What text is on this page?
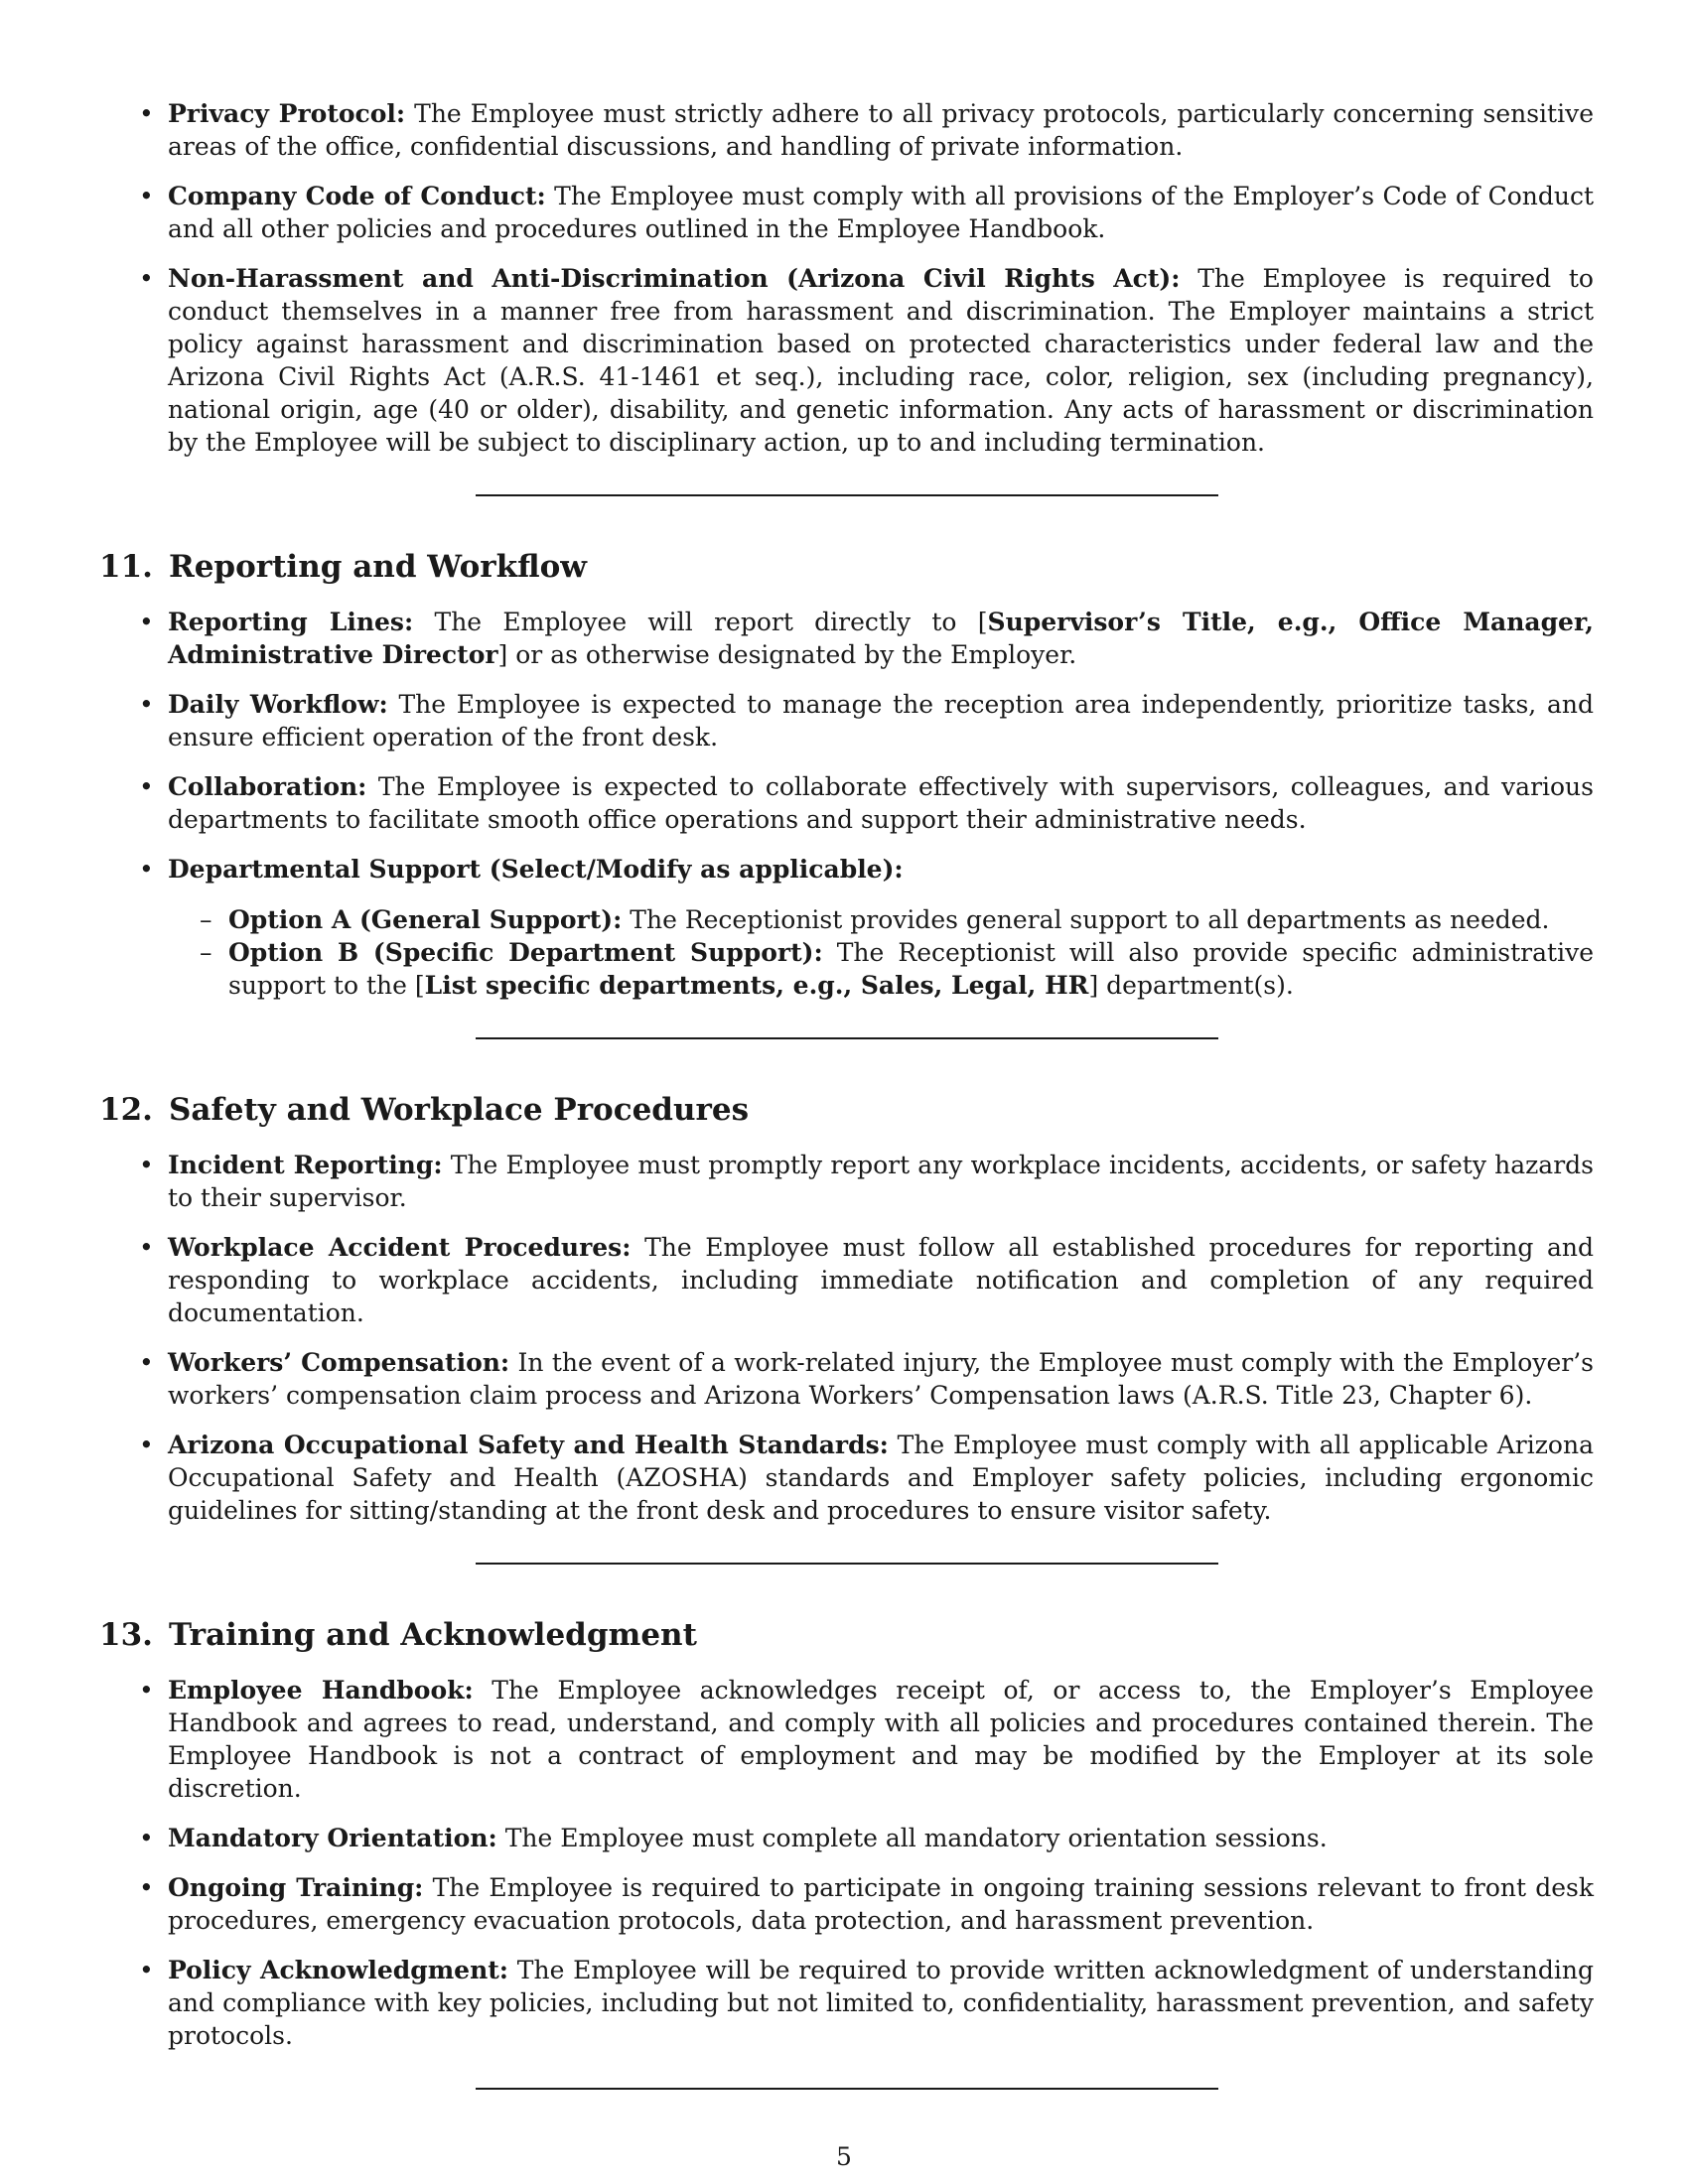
• Privacy Protocol: The Employee must strictly adhere to all privacy protocols, particularly concerning sensitive areas of the office, confidential discussions, and handling of private information.
• Company Code of Conduct: The Employee must comply with all provisions of the Employer’s Code of Conduct and all other policies and procedures outlined in the Employee Handbook.
• Non-Harassment and Anti-Discrimination (Arizona Civil Rights Act): The Employee is required to conduct themselves in a manner free from harassment and discrimination. The Employer maintains a strict policy against harassment and discrimination based on protected characteristics under federal law and the Arizona Civil Rights Act (A.R.S. 41-1461 et seq.), including race, color, religion, sex (including pregnancy), national origin, age (40 or older), disability, and genetic information. Any acts of harassment or discrimination by the Employee will be subject to disciplinary action, up to and including termination.
11. Reporting and Workflow
• Reporting Lines: The Employee will report directly to [Supervisor’s Title, e.g., Office Manager, Administrative Director] or as otherwise designated by the Employer.
• Daily Workflow: The Employee is expected to manage the reception area independently, prioritize tasks, and ensure efficient operation of the front desk.
• Collaboration: The Employee is expected to collaborate effectively with supervisors, colleagues, and various departments to facilitate smooth office operations and support their administrative needs.
• Departmental Support (Select/Modify as applicable):
– Option A (General Support): The Receptionist provides general support to all departments as needed.
– Option B (Specific Department Support): The Receptionist will also provide specific administrative support to the [List specific departments, e.g., Sales, Legal, HR] department(s).
12. Safety and Workplace Procedures
• Incident Reporting: The Employee must promptly report any workplace incidents, accidents, or safety hazards to their supervisor.
• Workplace Accident Procedures: The Employee must follow all established procedures for reporting and responding to workplace accidents, including immediate notification and completion of any required documentation.
• Workers’ Compensation: In the event of a work-related injury, the Employee must comply with the Employer’s workers’ compensation claim process and Arizona Workers’ Compensation laws (A.R.S. Title 23, Chapter 6).
• Arizona Occupational Safety and Health Standards: The Employee must comply with all applicable Arizona Occupational Safety and Health (AZOSHA) standards and Employer safety policies, including ergonomic guidelines for sitting/standing at the front desk and procedures to ensure visitor safety.
13. Training and Acknowledgment
• Employee Handbook: The Employee acknowledges receipt of, or access to, the Employer’s Employee Handbook and agrees to read, understand, and comply with all policies and procedures contained therein. The Employee Handbook is not a contract of employment and may be modified by the Employer at its sole discretion.
• Mandatory Orientation: The Employee must complete all mandatory orientation sessions.
• Ongoing Training: The Employee is required to participate in ongoing training sessions relevant to front desk procedures, emergency evacuation protocols, data protection, and harassment prevention.
• Policy Acknowledgment: The Employee will be required to provide written acknowledgment of understanding and compliance with key policies, including but not limited to, confidentiality, harassment prevention, and safety protocols.
5
